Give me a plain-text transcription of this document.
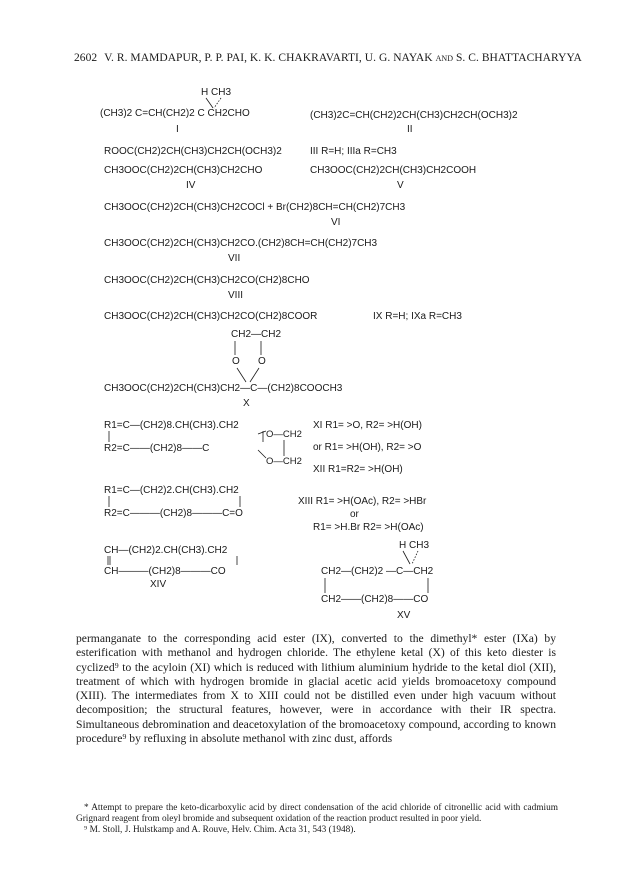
2602 V. R. MAMDAPUR, P. P. PAI, K. K. CHAKRAVARTI, U. G. NAYAK and S. C. BHATTACHARYYA
H CH3
(CH3)2 C=CH(CH2)2 C CH2CHO
I
(CH3)2C=CH(CH2)2CH(CH3)CH2CH(OCH3)2
II
ROOC(CH2)2CH(CH3)CH2CH(OCH3)2	III R=H; IIIa R=CH3
CH3OOC(CH2)2CH(CH3)CH2CHO
IV
CH3OOC(CH2)2CH(CH3)CH2COOH
V
CH3OOC(CH2)2CH(CH3)CH2COCl + Br(CH2)8CH=CH(CH2)7CH3
VI
CH3OOC(CH2)2CH(CH3)CH2CO.(CH2)8CH=CH(CH2)7CH3
VII
CH3OOC(CH2)2CH(CH3)CH2CO(CH2)8CHO
VIII
CH3OOC(CH2)2CH(CH3)CH2CO(CH2)8COOR	IX R=H; IXa R=CH3
CH2—CH2
O O
CH3OOC(CH2)2CH(CH3)CH2—C—(CH2)8COOCH3
X
R1=C—(CH2)8.CH(CH3).CH2
O—CH2
R2=C——(CH2)8——C
O—CH2
XI R1= >O, R2= >H(OH)
or R1= >H(OH), R2= >O
XII R1=R2= >H(OH)
R1=C—(CH2)2.CH(CH3).CH2
R2=C———(CH2)8———C=O
XIII R1= >H(OAc), R2= >HBr
or
R1= >H.Br R2= >H(OAc)
CH—(CH2)2.CH(CH3).CH2
CH———(CH2)8———CO
XIV
H CH3
CH2—(CH2)2 —C—CH2
CH2——(CH2)8——CO
XV

permanganate to the corresponding acid ester (IX), converted to the dimethyl* ester (IXa) by esterification with methanol and hydrogen chloride. The ethylene ketal (X) of this keto diester is cyclized⁹ to the acyloin (XI) which is reduced with lithium aluminium hydride to the ketal diol (XII), treatment of which with hydrogen bromide in glacial acetic acid yields bromoacetoxy compound (XIII). The intermediates from X to XIII could not be distilled even under high vacuum without decomposition; the structural features, however, were in accordance with their IR spectra. Simultaneous debromination and deacetoxylation of the bromoacetoxy compound, according to known procedure⁹ by refluxing in absolute methanol with zinc dust, affords

* Attempt to prepare the keto-dicarboxylic acid by direct condensation of the acid chloride of citronellic acid with cadmium Grignard reagent from oleyl bromide and subsequent oxidation of the reaction product resulted in poor yield.

⁹ M. Stoll, J. Hulstkamp and A. Rouve, Helv. Chim. Acta 31, 543 (1948).
